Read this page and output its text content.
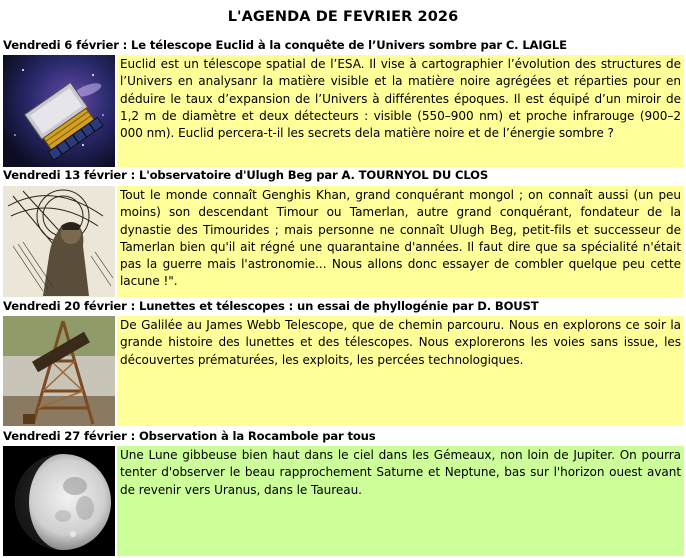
L'AGENDA DE FEVRIER 2026
Vendredi 6 février : Le télescope Euclid à la conquête de l’Univers sombre par C. LAIGLE
Euclid est un télescope spatial de l’ESA. Il vise à cartographier l’évolution des structures de l’Univers en analysanr la matière visible et la matière noire agrégées et réparties pour en déduire le taux d’expansion de l’Univers à différentes époques. Il est équipé d’un miroir de 1,2 m de diamètre et deux détecteurs : visible (550–900 nm) et proche infrarouge (900–2 000 nm). Euclid percera-t-il les secrets dela matière noire et de l’énergie sombre ?
Vendredi 13 février : L'observatoire d'Ulugh Beg par A. TOURNYOL DU CLOS
Tout le monde connaît Genghis Khan, grand conquérant mongol ; on connaît aussi (un peu moins) son descendant Timour ou Tamerlan, autre grand conquérant, fondateur de la dynastie des Timourides ; mais personne ne connaît Ulugh Beg, petit-fils et successeur de Tamerlan bien qu'il ait régné une quarantaine d'années. Il faut dire que sa spécialité n'était pas la guerre mais l'astronomie... Nous allons donc essayer de combler quelque peu cette lacune !".
Vendredi 20 février : Lunettes et télescopes : un essai de phyllogénie par D. BOUST
De Galilée au James Webb Telescope, que de chemin parcouru. Nous en explorons ce soir la grande histoire des lunettes et des télescopes. Nous explorerons les voies sans issue, les découvertes prématurées, les exploits, les percées technologiques.
Vendredi 27 février : Observation à la Rocambole par tous
Une Lune gibbeuse bien haut dans le ciel dans les Gémeaux, non loin de Jupiter. On pourra tenter d'observer le beau rapprochement Saturne et Neptune, bas sur l'horizon ouest avant de revenir vers Uranus, dans le Taureau.
